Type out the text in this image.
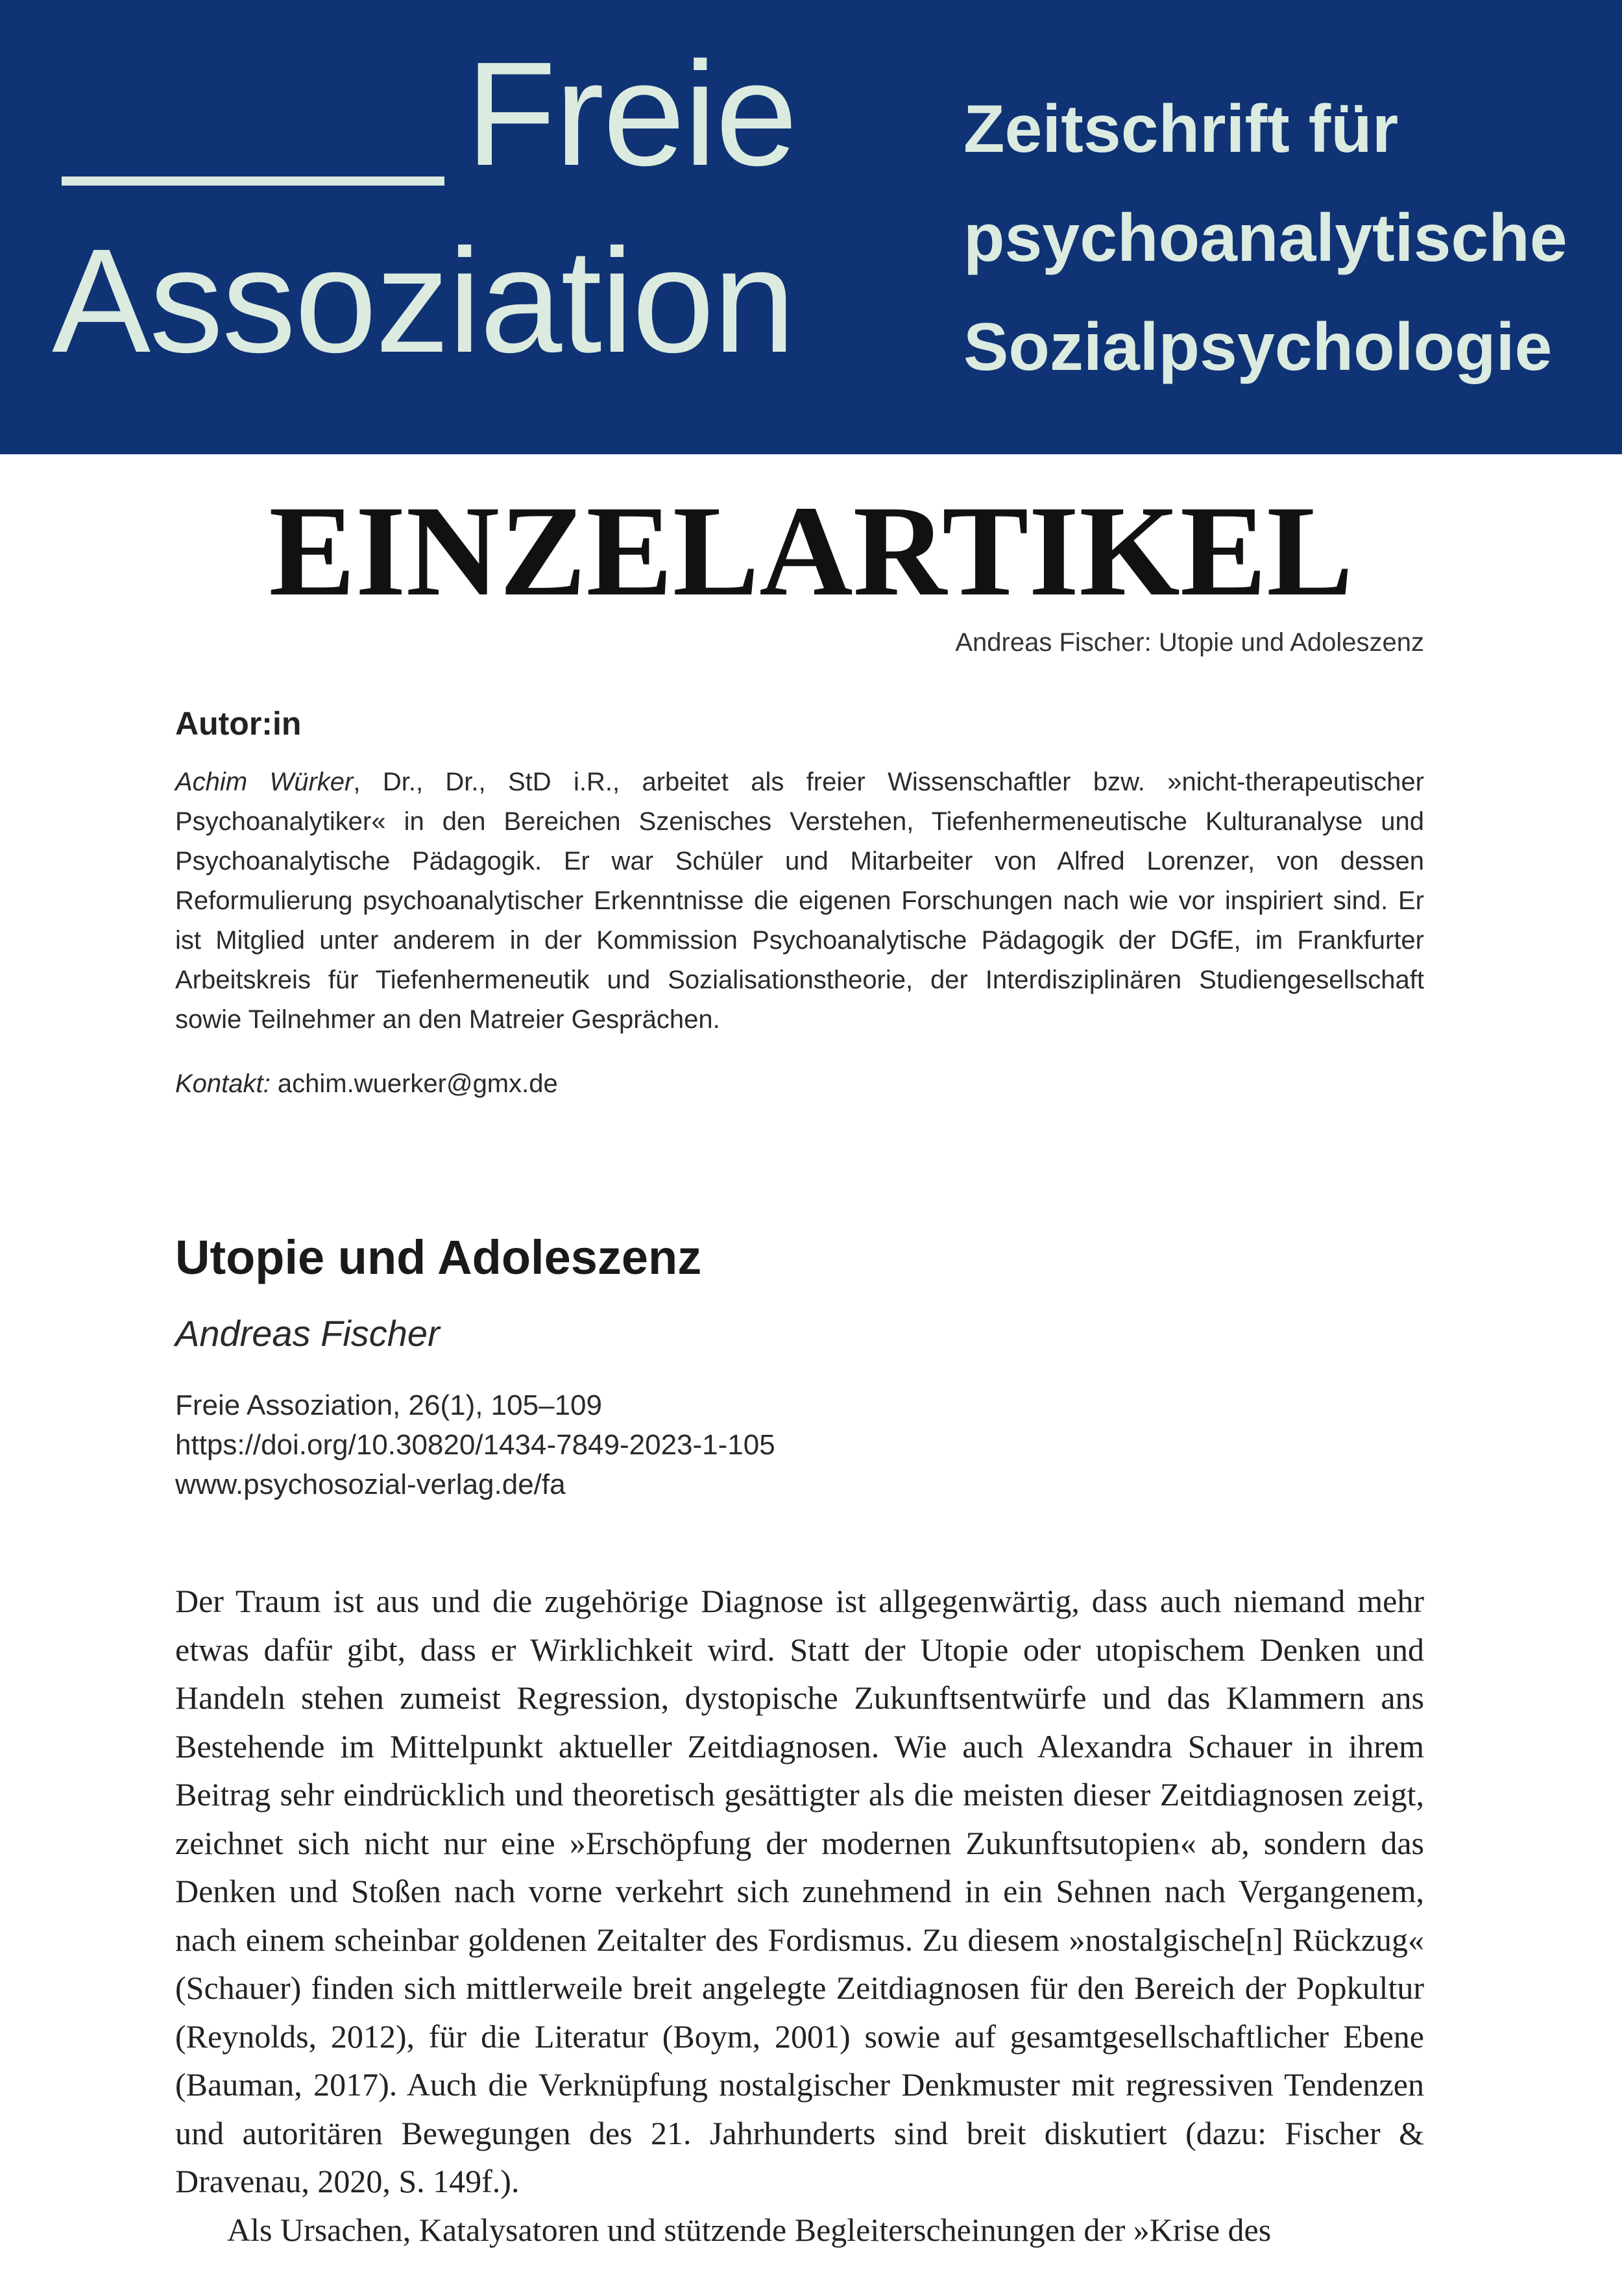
Freie
Assoziation
Zeitschrift für
psychoanalytische
Sozialpsychologie
EINZELARTIKEL
Andreas Fischer: Utopie und Adoleszenz
Autor:in
Achim Würker, Dr., Dr., StD i.R., arbeitet als freier Wissenschaftler bzw. »nicht-therapeutischer Psychoanalytiker« in den Bereichen Szenisches Verstehen, Tiefenhermeneutische Kulturanalyse und Psychoanalytische Pädagogik. Er war Schüler und Mitarbeiter von Alfred Lorenzer, von dessen Reformulierung psychoanalytischer Erkenntnisse die eigenen Forschungen nach wie vor inspiriert sind. Er ist Mitglied unter anderem in der Kommission Psychoanalytische Pädagogik der DGfE, im Frankfurter Arbeitskreis für Tiefenhermeneutik und Sozialisationstheorie, der Interdisziplinären Studiengesellschaft sowie Teilnehmer an den Matreier Gesprächen.
Kontakt: achim.wuerker@gmx.de
Utopie und Adoleszenz
Andreas Fischer
Freie Assoziation, 26(1), 105–109
https://doi.org/10.30820/1434-7849-2023-1-105
www.psychosozial-verlag.de/fa

Der Traum ist aus und die zugehörige Diagnose ist allgegenwärtig, dass auch niemand mehr etwas dafür gibt, dass er Wirklichkeit wird. Statt der Utopie oder utopischem Denken und Handeln stehen zumeist Regression, dystopische Zukunftsentwürfe und das Klammern ans Bestehende im Mittelpunkt aktueller Zeitdiagnosen. Wie auch Alexandra Schauer in ihrem Beitrag sehr eindrücklich und theoretisch gesättigter als die meisten dieser Zeitdiagnosen zeigt, zeichnet sich nicht nur eine »Erschöpfung der modernen Zukunftsutopien« ab, sondern das Denken und Stoßen nach vorne verkehrt sich zunehmend in ein Sehnen nach Vergangenem, nach einem scheinbar goldenen Zeitalter des Fordismus. Zu diesem »nostalgische[n] Rückzug« (Schauer) finden sich mittlerweile breit angelegte Zeitdiagnosen für den Bereich der Popkultur (Reynolds, 2012), für die Literatur (Boym, 2001) sowie auf gesamtgesellschaftlicher Ebene (Bauman, 2017). Auch die Verknüpfung nostalgischer Denkmuster mit regressiven Tendenzen und autoritären Bewegungen des 21. Jahrhunderts sind breit diskutiert (dazu: Fischer & Dravenau, 2020, S. 149f.).

Als Ursachen, Katalysatoren und stützende Begleiterscheinungen der »Krise des
